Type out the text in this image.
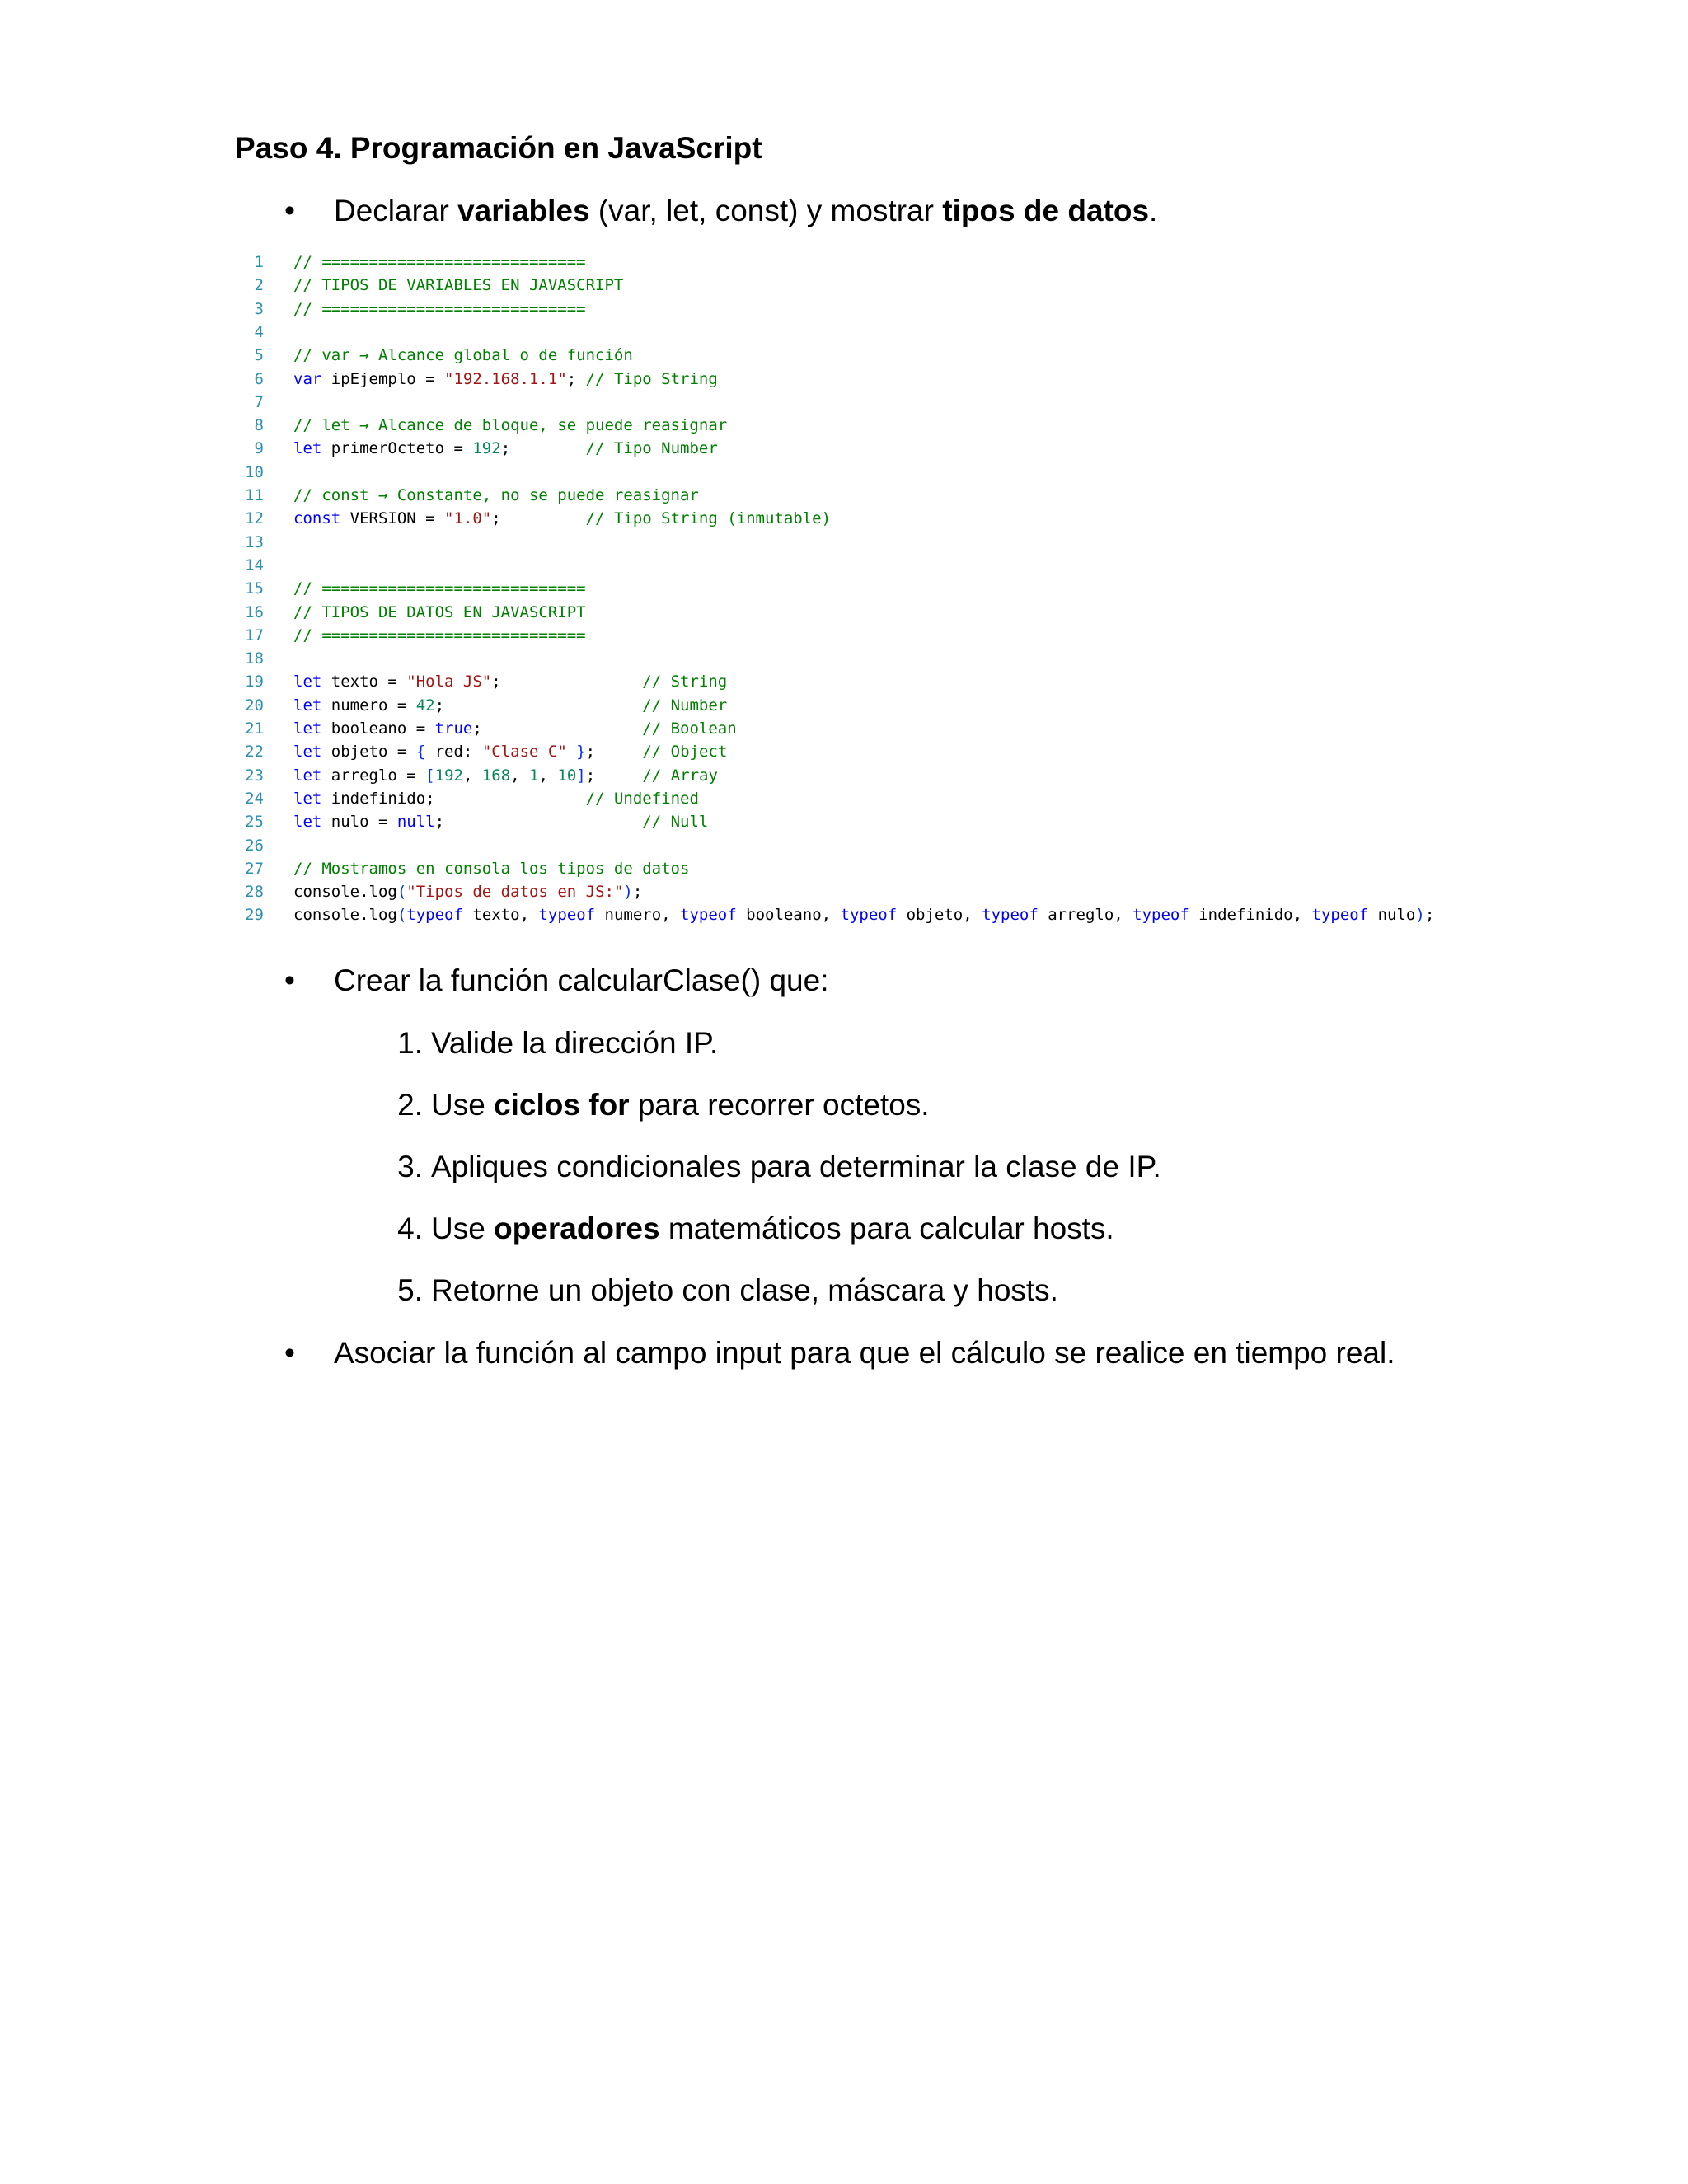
Paso 4. Programación en JavaScript
•	Declarar variables (var, let, const) y mostrar tipos de datos.
1 // ============================
2 // TIPOS DE VARIABLES EN JAVASCRIPT
3 // ============================
4
5 // var → Alcance global o de función
6 var ipEjemplo = "192.168.1.1"; // Tipo String
7
8 // let → Alcance de bloque, se puede reasignar
9 let primerOcteto = 192;        // Tipo Number
10
11 // const → Constante, no se puede reasignar
12 const VERSION = "1.0";         // Tipo String (inmutable)
13
14
15 // ============================
16 // TIPOS DE DATOS EN JAVASCRIPT
17 // ============================
18
19 let texto = "Hola JS";               // String
20 let numero = 42;                     // Number
21 let booleano = true;                 // Boolean
22 let objeto = { red: "Clase C" };     // Object
23 let arreglo = [192, 168, 1, 10];     // Array
24 let indefinido;                // Undefined
25 let nulo = null;                     // Null
26
27 // Mostramos en consola los tipos de datos
28 console.log("Tipos de datos en JS:");
29 console.log(typeof texto, typeof numero, typeof booleano, typeof objeto, typeof arreglo, typeof indefinido, typeof nulo);
•	Crear la función calcularClase() que:
1. Valide la dirección IP.
2. Use ciclos for para recorrer octetos.
3. Apliques condicionales para determinar la clase de IP.
4. Use operadores matemáticos para calcular hosts.
5. Retorne un objeto con clase, máscara y hosts.
•	Asociar la función al campo input para que el cálculo se realice en tiempo real.
